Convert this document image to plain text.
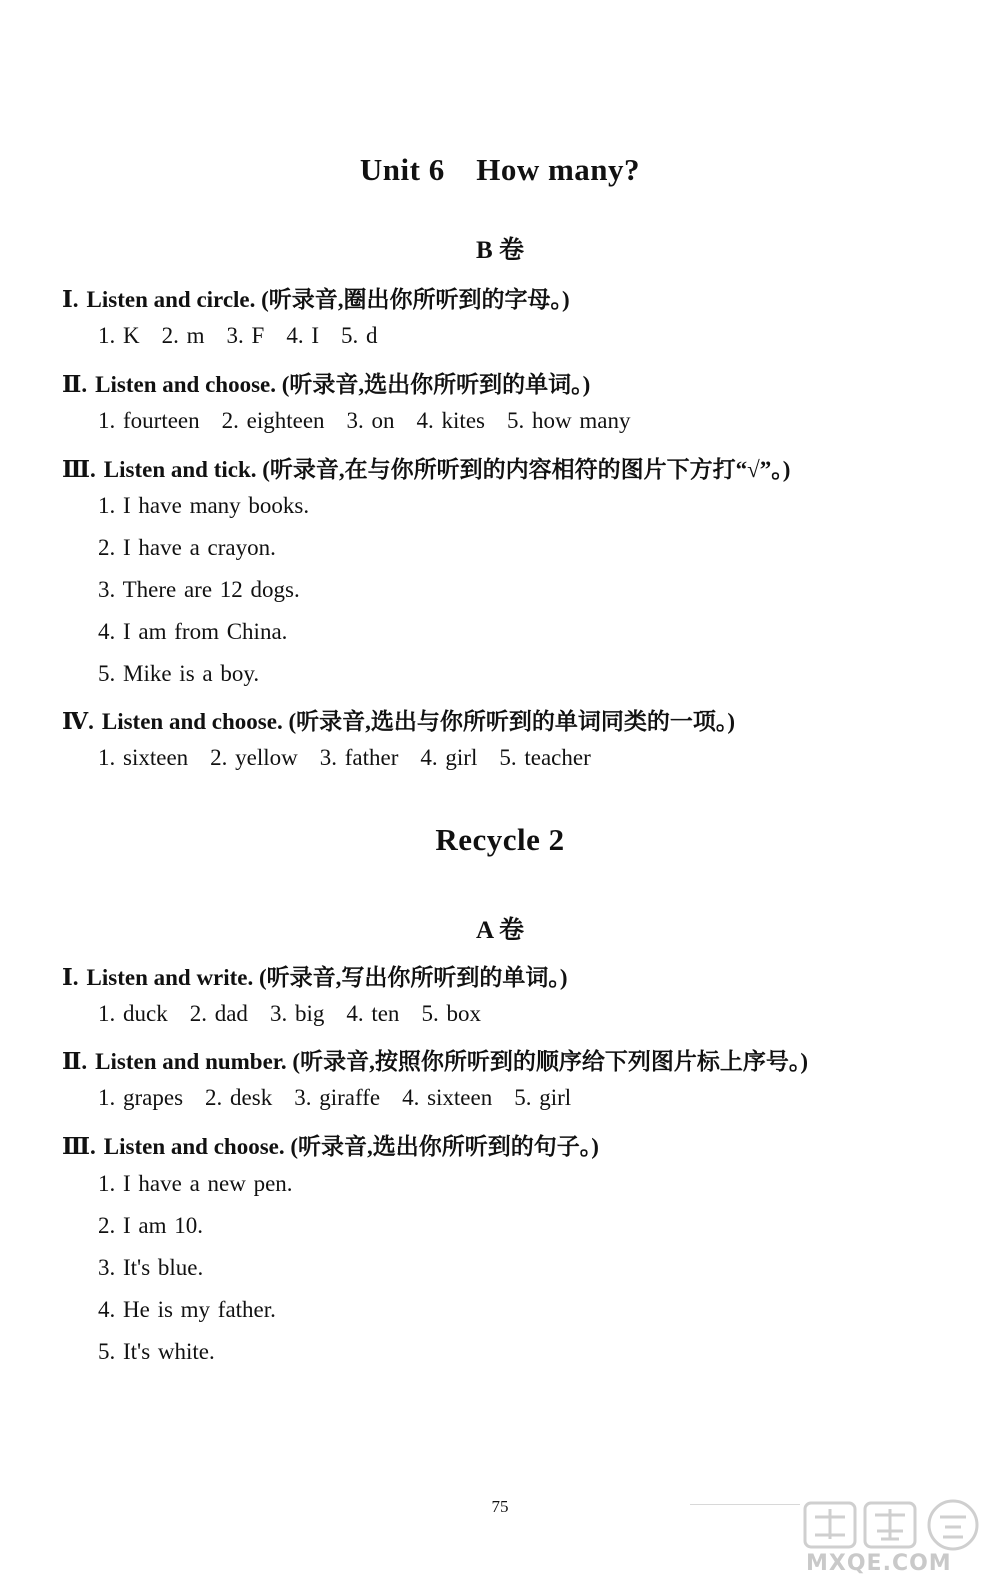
Unit 6　How many?
B 卷
Ⅰ. Listen and circle. (听录音,圈出你所听到的字母。)
1. K 2. m 3. F 4. I 5. d
Ⅱ. Listen and choose. (听录音,选出你所听到的单词。)
1. fourteen 2. eighteen 3. on 4. kites 5. how many
Ⅲ. Listen and tick. (听录音,在与你所听到的内容相符的图片下方打“√”。)
1. I have many books.
2. I have a crayon.
3. There are 12 dogs.
4. I am from China.
5. Mike is a boy.
Ⅳ. Listen and choose. (听录音,选出与你所听到的单词同类的一项。)
1. sixteen 2. yellow 3. father 4. girl 5. teacher
Recycle 2
A 卷
Ⅰ. Listen and write. (听录音,写出你所听到的单词。)
1. duck 2. dad 3. big 4. ten 5. box
Ⅱ. Listen and number. (听录音,按照你所听到的顺序给下列图片标上序号。)
1. grapes 2. desk 3. giraffe 4. sixteen 5. girl
Ⅲ. Listen and choose. (听录音,选出你所听到的句子。)
1. I have a new pen.
2. I am 10.
3. It's blue.
4. He is my father.
5. It's white.
75
MXQE.COM
